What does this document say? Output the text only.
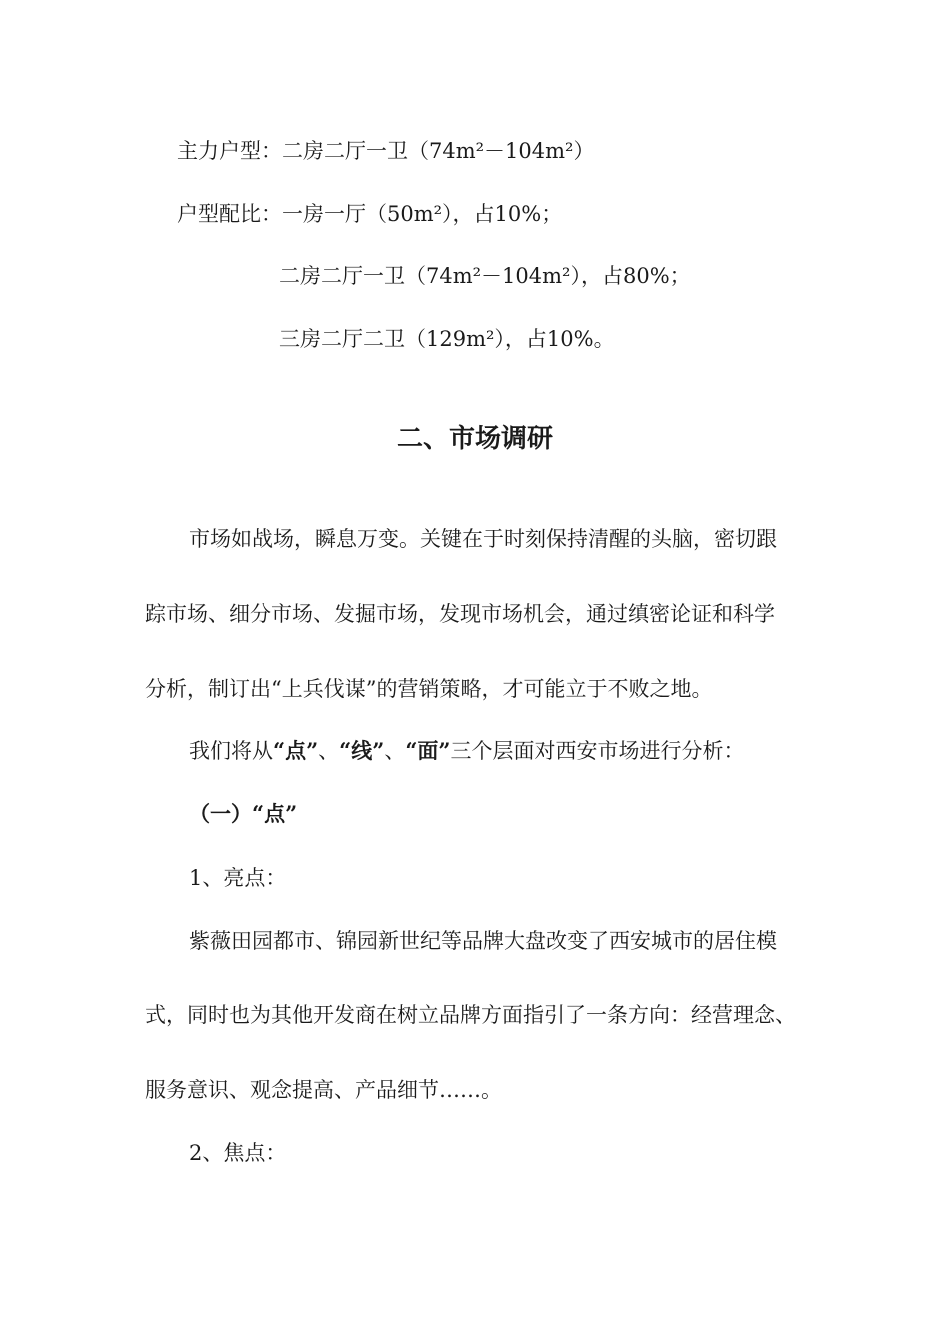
主力户型：二房二厅一卫（74m²－104m²）
户型配比：一房一厅（50m²），占10%；
二房二厅一卫（74m²－104m²），占80%；
三房二厅二卫（129m²），占10%。
二、市场调研
市场如战场，瞬息万变。关键在于时刻保持清醒的头脑，密切跟
踪市场、细分市场、发掘市场，发现市场机会，通过缜密论证和科学
分析，制订出“上兵伐谋”的营销策略，才可能立于不败之地。
我们将从“点”、“线”、“面”三个层面对西安市场进行分析：
（一）“点”
1、亮点：
紫薇田园都市、锦园新世纪等品牌大盘改变了西安城市的居住模
式，同时也为其他开发商在树立品牌方面指引了一条方向：经营理念、
服务意识、观念提高、产品细节……。
2、焦点：
